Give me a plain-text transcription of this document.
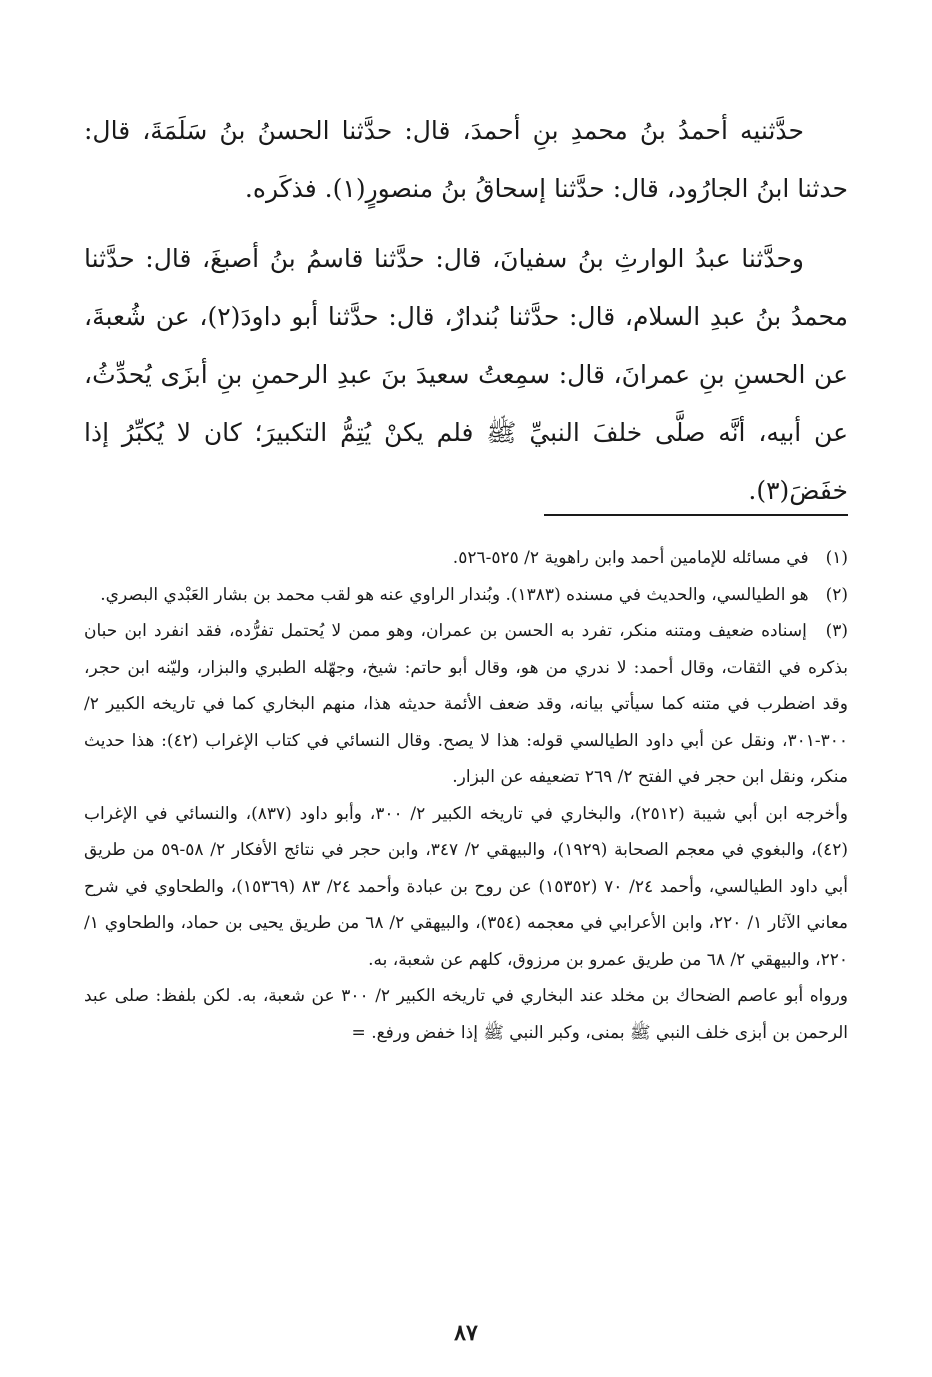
حدَّثنيه أحمدُ بنُ محمدِ بنِ أحمدَ، قال: حدَّثنا الحسنُ بنُ سَلَمَةَ، قال: حدثنا ابنُ الجارُود، قال: حدَّثنا إسحاقُ بنُ منصورٍ(١). فذكَره.

وحدَّثنا عبدُ الوارثِ بنُ سفيانَ، قال: حدَّثنا قاسمُ بنُ أصبغَ، قال: حدَّثنا محمدُ بنُ عبدِ السلام، قال: حدَّثنا بُندارٌ، قال: حدَّثنا أبو داودَ(٢)، عن شُعبةَ، عن الحسنِ بنِ عمرانَ، قال: سمِعتُ سعيدَ بنَ عبدِ الرحمنِ بنِ أبزَى يُحدِّثُ، عن أبيه، أنَّه صلَّى خلفَ النبيِّ ﷺ فلم يكنْ يُتِمُّ التكبيرَ؛ كان لا يُكبِّرُ إذا خفَضَ(٣).

(١) في مسائله للإمامين أحمد وابن راهوية ٢/ ٥٢٥-٥٢٦.

(٢) هو الطيالسي، والحديث في مسنده (١٣٨٣). وبُندار الراوي عنه هو لقب محمد بن بشار العَبْدي البصري.

(٣) إسناده ضعيف ومتنه منكر، تفرد به الحسن بن عمران، وهو ممن لا يُحتمل تفرُّده، فقد انفرد ابن حبان بذكره في الثقات، وقال أحمد: لا ندري من هو، وقال أبو حاتم: شيخ، وجهّله الطبري والبزار، وليّنه ابن حجر، وقد اضطرب في متنه كما سيأتي بيانه، وقد ضعف الأئمة حديثه هذا، منهم البخاري كما في تاريخه الكبير ٢/ ٣٠٠-٣٠١، ونقل عن أبي داود الطيالسي قوله: هذا لا يصح. وقال النسائي في كتاب الإغراب (٤٢): هذا حديث منكر، ونقل ابن حجر في الفتح ٢/ ٢٦٩ تضعيفه عن البزار.

وأخرجه ابن أبي شيبة (٢٥١٢)، والبخاري في تاريخه الكبير ٢/ ٣٠٠، وأبو داود (٨٣٧)، والنسائي في الإغراب (٤٢)، والبغوي في معجم الصحابة (١٩٢٩)، والبيهقي ٢/ ٣٤٧، وابن حجر في نتائج الأفكار ٢/ ٥٨-٥٩ من طريق أبي داود الطيالسي، وأحمد ٢٤/ ٧٠ (١٥٣٥٢) عن روح بن عبادة وأحمد ٢٤/ ٨٣ (١٥٣٦٩)، والطحاوي في شرح معاني الآثار ١/ ٢٢٠، وابن الأعرابي في معجمه (٣٥٤)، والبيهقي ٢/ ٦٨ من طريق يحيى بن حماد، والطحاوي ١/ ٢٢٠، والبيهقي ٢/ ٦٨ من طريق عمرو بن مرزوق، كلهم عن شعبة، به.

ورواه أبو عاصم الضحاك بن مخلد عند البخاري في تاريخه الكبير ٢/ ٣٠٠ عن شعبة، به. لكن بلفظ: صلى عبد الرحمن بن أبزى خلف النبي ﷺ بمنى، وكبر النبي ﷺ إذا خفض ورفع. =

٨٧
